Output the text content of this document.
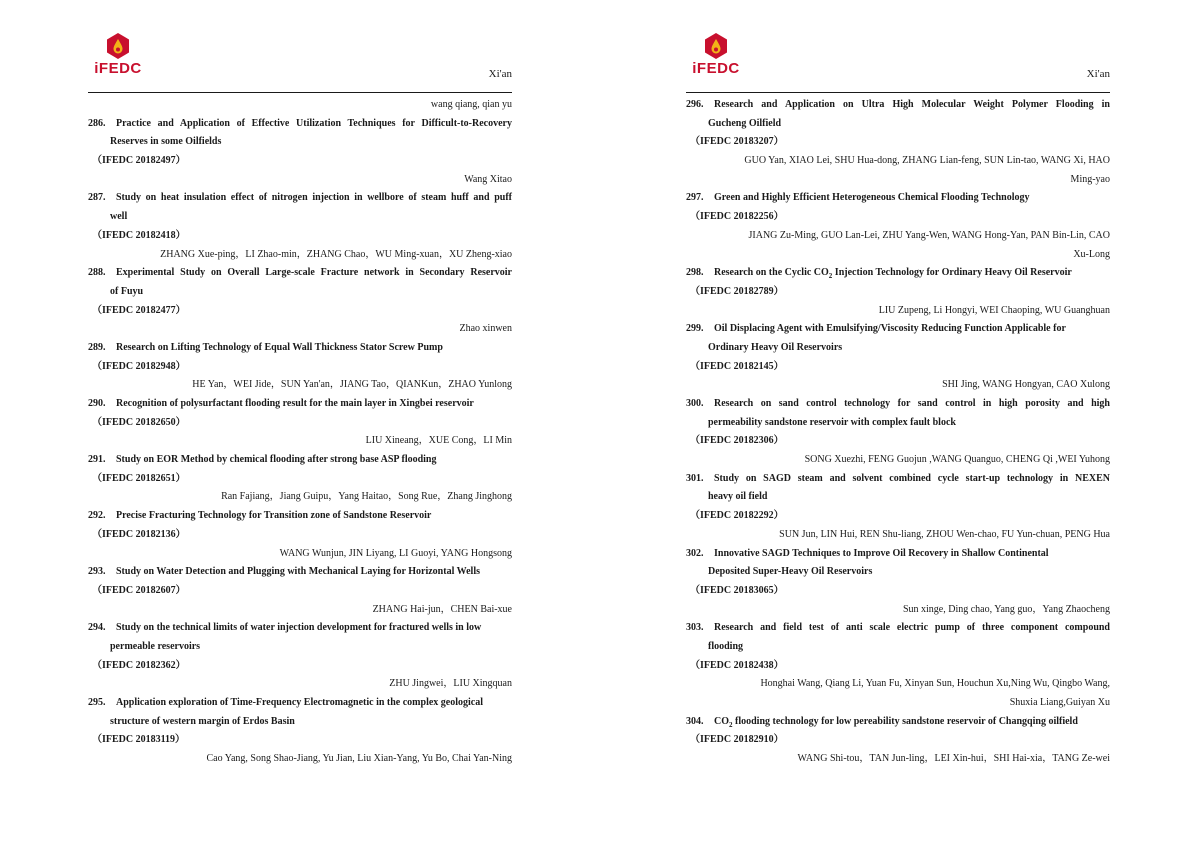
iFEDC	Xi'an
wang qiang, qian yu
286. Practice and Application of Effective Utilization Techniques for Difficult-to-Recovery
Reserves in some Oilfields
（IFEDC 20182497）
Wang Xitao
287. Study on heat insulation effect of nitrogen injection in wellbore of steam huff and puff
well
（IFEDC 20182418）
ZHANG Xue-ping，LI Zhao-min，ZHANG Chao，WU Ming-xuan，XU Zheng-xiao
288. Experimental Study on Overall Large-scale Fracture network in Secondary Reservoir
of Fuyu
（IFEDC 20182477）
Zhao xinwen
289. Research on Lifting Technology of Equal Wall Thickness Stator Screw Pump
（IFEDC 20182948）
HE Yan，WEI Jide，SUN Yan'an，JIANG Tao，QIANKun，ZHAO Yunlong
290. Recognition of polysurfactant flooding result for the main layer in Xingbei reservoir
（IFEDC 20182650）
LIU Xineang，XUE Cong，LI Min
291. Study on EOR Method by chemical flooding after strong base ASP flooding
（IFEDC 20182651）
Ran Fajiang，Jiang Guipu，Yang Haitao，Song Rue，Zhang Jinghong
292. Precise Fracturing Technology for Transition zone of Sandstone Reservoir
（IFEDC 20182136）
WANG Wunjun, JIN Liyang, LI Guoyi, YANG Hongsong
293. Study on Water Detection and Plugging with Mechanical Laying for Horizontal Wells
（IFEDC 20182607）
ZHANG Hai-jun，CHEN Bai-xue
294. Study on the technical limits of water injection development for fractured wells in low
permeable reservoirs
（IFEDC 20182362）
ZHU Jingwei，LIU Xingquan
295. Application exploration of Time-Frequency Electromagnetic in the complex geological
structure of western margin of Erdos Basin
（IFEDC 20183119）
Cao Yang, Song Shao-Jiang, Yu Jian, Liu Xian-Yang, Yu Bo, Chai Yan-Ning
iFEDC	Xi'an
296. Research and Application on Ultra High Molecular Weight Polymer Flooding in
Gucheng Oilfield
（IFEDC 20183207）
GUO Yan, XIAO Lei, SHU Hua-dong, ZHANG Lian-feng, SUN Lin-tao, WANG Xi, HAO
Ming-yao
297. Green and Highly Efficient Heterogeneous Chemical Flooding Technology
（IFEDC 20182256）
JIANG Zu-Ming, GUO Lan-Lei, ZHU Yang-Wen, WANG Hong-Yan, PAN Bin-Lin, CAO
Xu-Long
298. Research on the Cyclic $CO_2$ Injection Technology for Ordinary Heavy Oil Reservoir
（IFEDC 20182789）
LIU Zupeng, Li Hongyi, WEI Chaoping, WU Guanghuan
299. Oil Displacing Agent with Emulsifying/Viscosity Reducing Function Applicable for
Ordinary Heavy Oil Reservoirs
（IFEDC 20182145）
SHI Jing, WANG Hongyan, CAO Xulong
300. Research on sand control technology for sand control in high porosity and high
permeability sandstone reservoir with complex fault block
（IFEDC 20182306）
SONG Xuezhi, FENG Guojun ,WANG Quanguo, CHENG Qi ,WEI Yuhong
301. Study on SAGD steam and solvent combined cycle start-up technology in NEXEN
heavy oil field
（IFEDC 20182292）
SUN Jun, LIN Hui, REN Shu-liang, ZHOU Wen-chao, FU Yun-chuan, PENG Hua
302. Innovative SAGD Techniques to Improve Oil Recovery in Shallow Continental
Deposited Super-Heavy Oil Reservoirs
（IFEDC 20183065）
Sun xinge, Ding chao, Yang guo，Yang Zhaocheng
303. Research and field test of anti scale electric pump of three component compound
flooding
（IFEDC 20182438）
Honghai Wang, Qiang Li, Yuan Fu, Xinyan Sun, Houchun Xu,Ning Wu, Qingbo Wang,
Shuxia Liang,Guiyan Xu
304. $CO_2$ flooding technology for low pereability sandstone reservoir of Changqing oilfield
（IFEDC 20182910）
WANG Shi-tou，TAN Jun-ling，LEI Xin-hui，SHI Hai-xia，TANG Ze-wei
